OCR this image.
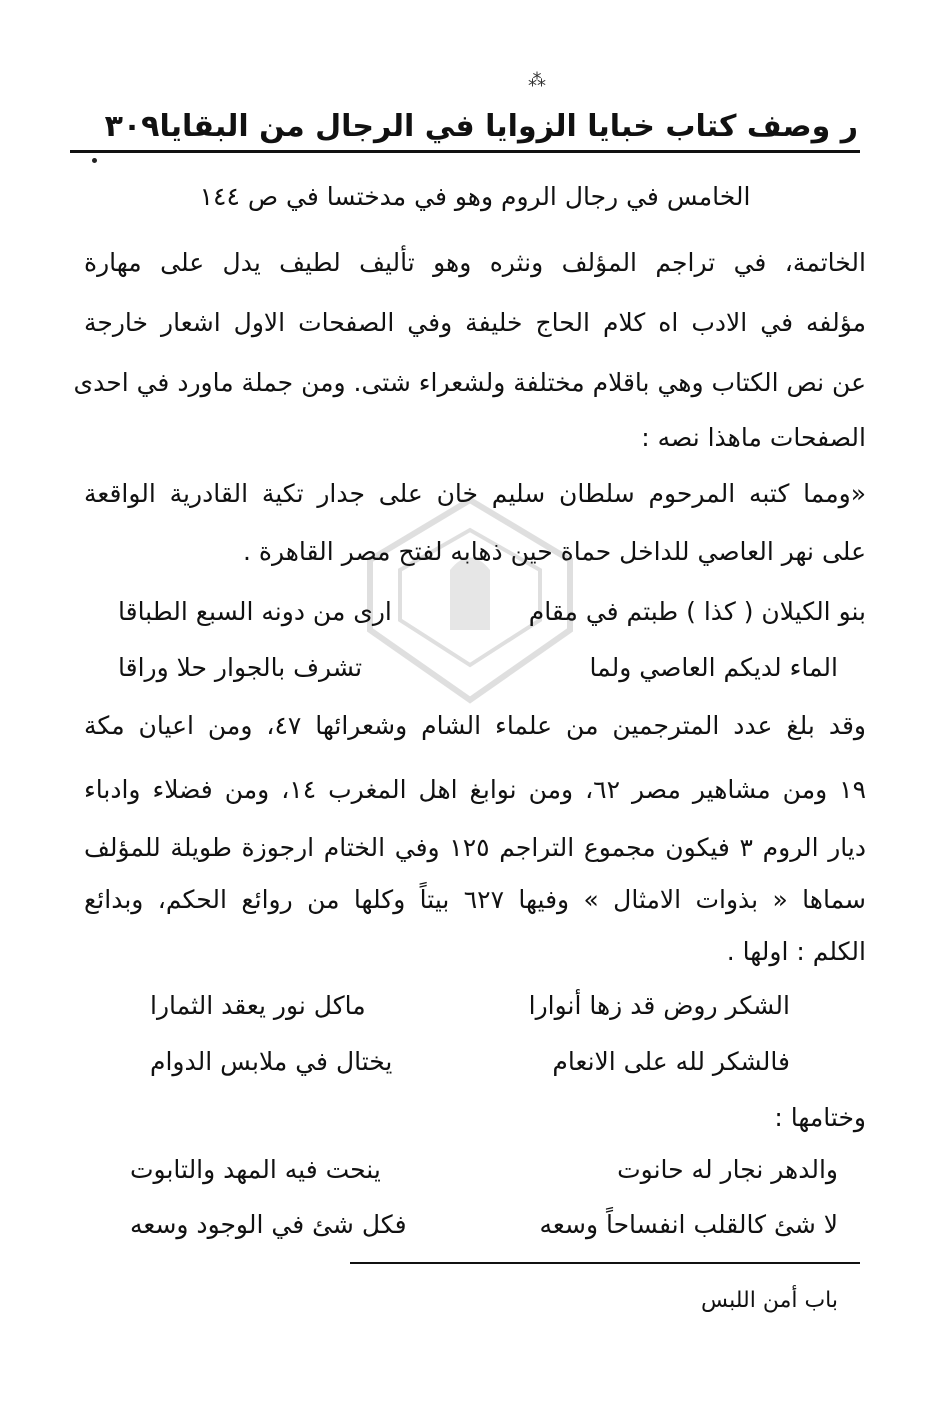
⁂
ر وصف كتاب خبايا الزوايا في الرجال من البقايا
٣٠٩
الخامس في رجال الروم وهو في مدختسا في ص ١٤٤
الخاتمة، في تراجم المؤلف ونثره وهو تأليف لطيف يدل على مهارة
مؤلفه في الادب اه كلام الحاج خليفة وفي الصفحات الاول اشعار خارجة
عن نص الكتاب وهي باقلام مختلفة ولشعراء شتى. ومن جملة ماورد في احدى
الصفحات ماهذا نصه :
«ومما كتبه المرحوم سلطان سليم خان على جدار تكية القادرية الواقعة
على نهر العاصي للداخل حماة حين ذهابه لفتح مصر القاهرة .
بنو الكيلان ( كذا ) طبتم في مقام
ارى من دونه السبع الطباقا
الماء لديكم العاصي ولما
تشرف بالجوار حلا وراقا
وقد بلغ عدد المترجمين من علماء الشام وشعرائها ٤٧، ومن اعيان مكة
١٩ ومن مشاهير مصر ٦٢، ومن نوابغ اهل المغرب ١٤، ومن فضلاء وادباء
ديار الروم ٣ فيكون مجموع التراجم ١٢٥ وفي الختام ارجوزة طويلة للمؤلف
سماها « بذوات الامثال » وفيها ٦٢٧ بيتاً وكلها من روائع الحكم، وبدائع
الكلم : اولها .
الشكر روض قد زها أنوارا
ماكل نور يعقد الثمارا
فالشكر لله على الانعام
يختال في ملابس الدوام
وختامها :
والدهر نجار له حانوت
ينحت فيه المهد والتابوت
لا شئ كالقلب انفساحاً وسعه
فكل شئ في الوجود وسعه
باب أمن اللبس
